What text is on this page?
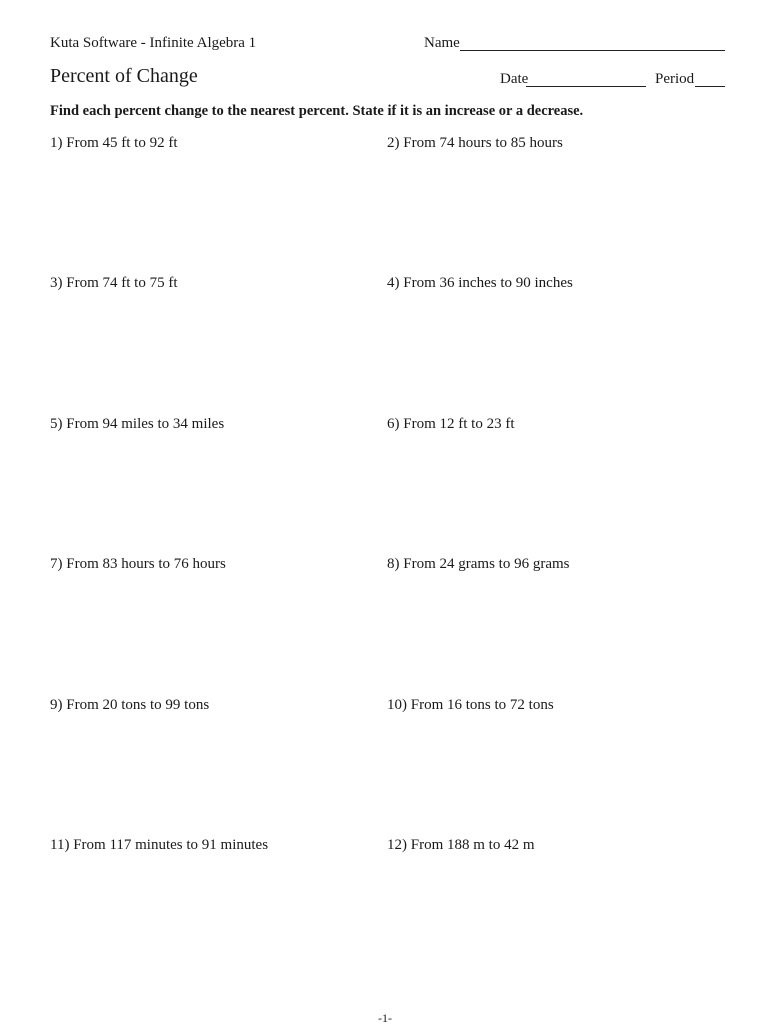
Kuta Software - Infinite Algebra 1	Name
Percent of Change	Date	Period
Find each percent change to the nearest percent. State if it is an increase or a decrease.
1) From 45 ft to 92 ft	2) From 74 hours to 85 hours
3) From 74 ft to 75 ft	4) From 36 inches to 90 inches
5) From 94 miles to 34 miles	6) From 12 ft to 23 ft
7) From 83 hours to 76 hours	8) From 24 grams to 96 grams
9) From 20 tons to 99 tons	10) From 16 tons to 72 tons
11) From 117 minutes to 91 minutes	12) From 188 m to 42 m
-1-
